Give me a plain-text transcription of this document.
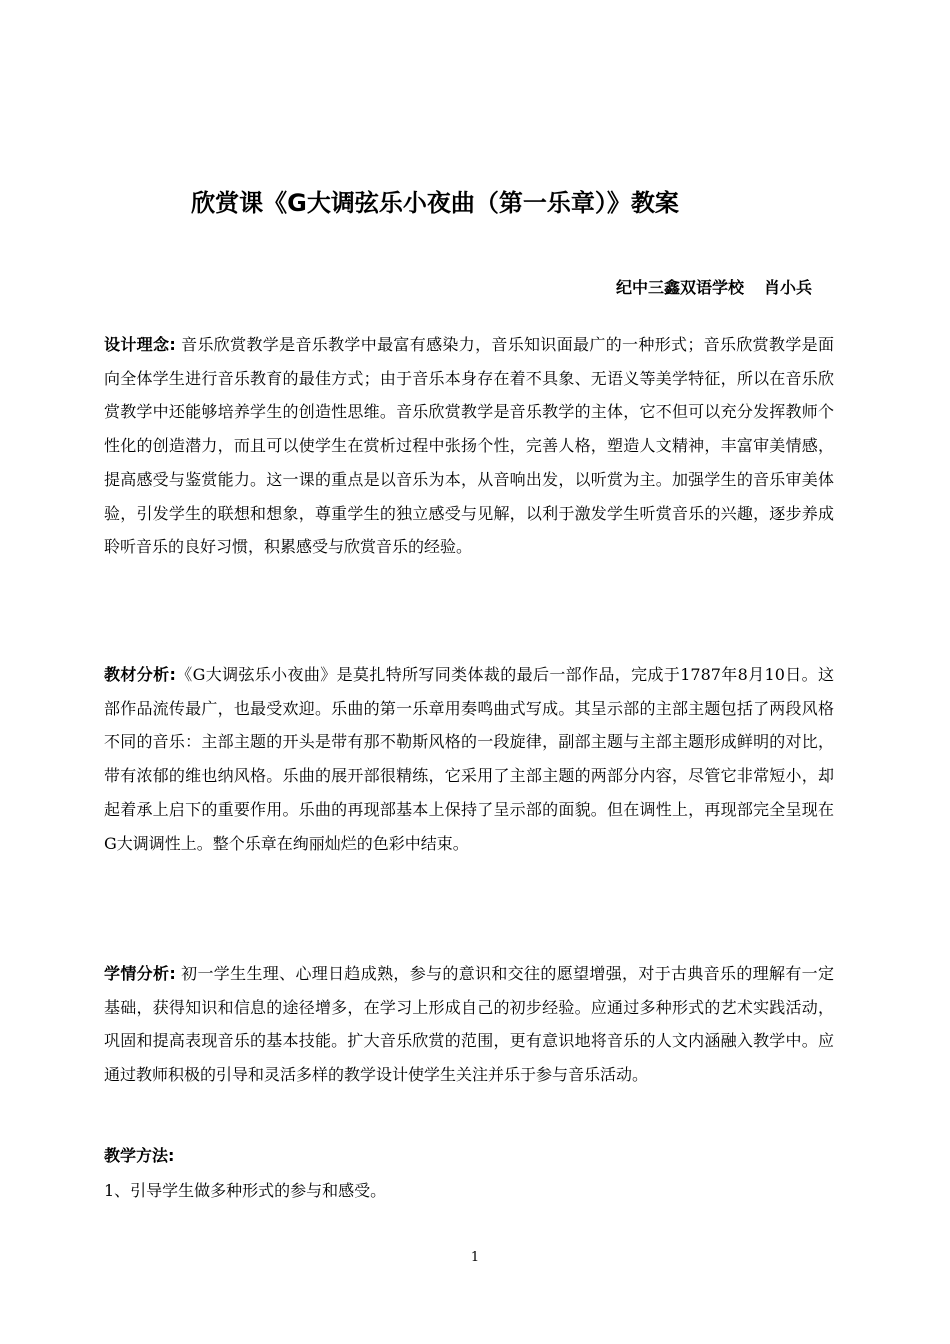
欣赏课《G大调弦乐小夜曲（第一乐章）》教案
纪中三鑫双语学校 肖小兵
设计理念: 音乐欣赏教学是音乐教学中最富有感染力，音乐知识面最广的一种形式；音乐欣赏教学是面向全体学生进行音乐教育的最佳方式；由于音乐本身存在着不具象、无语义等美学特征，所以在音乐欣赏教学中还能够培养学生的创造性思维。音乐欣赏教学是音乐教学的主体，它不但可以充分发挥教师个性化的创造潜力，而且可以使学生在赏析过程中张扬个性，完善人格，塑造人文精神，丰富审美情感，提高感受与鉴赏能力。这一课的重点是以音乐为本，从音响出发，以听赏为主。加强学生的音乐审美体验，引发学生的联想和想象，尊重学生的独立感受与见解，以利于激发学生听赏音乐的兴趣，逐步养成聆听音乐的良好习惯，积累感受与欣赏音乐的经验。
教材分析:《G大调弦乐小夜曲》是莫扎特所写同类体裁的最后一部作品，完成于1787年8月10日。这部作品流传最广，也最受欢迎。乐曲的第一乐章用奏鸣曲式写成。其呈示部的主部主题包括了两段风格不同的音乐：主部主题的开头是带有那不勒斯风格的一段旋律，副部主题与主部主题形成鲜明的对比，带有浓郁的维也纳风格。乐曲的展开部很精练，它采用了主部主题的两部分内容，尽管它非常短小，却起着承上启下的重要作用。乐曲的再现部基本上保持了呈示部的面貌。但在调性上，再现部完全呈现在G大调调性上。整个乐章在绚丽灿烂的色彩中结束。
学情分析: 初一学生生理、心理日趋成熟，参与的意识和交往的愿望增强，对于古典音乐的理解有一定基础，获得知识和信息的途径增多，在学习上形成自己的初步经验。应通过多种形式的艺术实践活动，巩固和提高表现音乐的基本技能。扩大音乐欣赏的范围，更有意识地将音乐的人文内涵融入教学中。应通过教师积极的引导和灵活多样的教学设计使学生关注并乐于参与音乐活动。
教学方法:
1、引导学生做多种形式的参与和感受。
1
